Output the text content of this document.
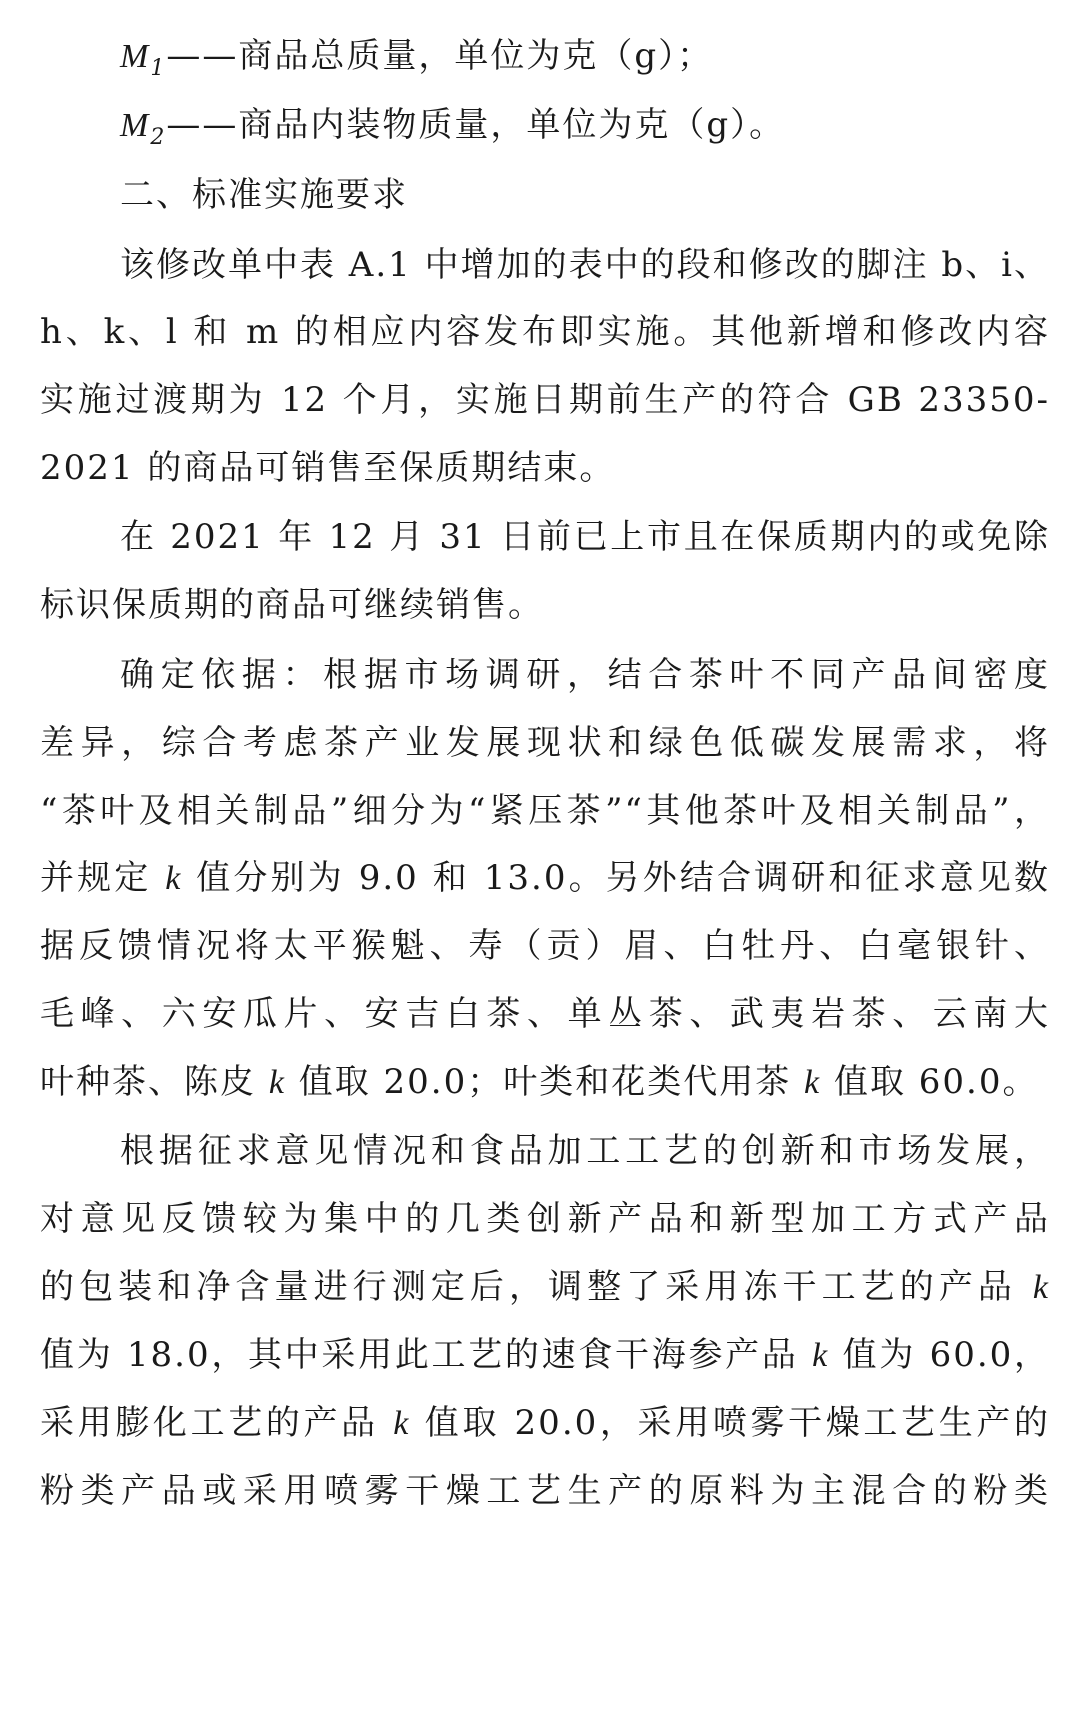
$M_1——$商品总质量，单位为克（g）；
$M_2——$商品内装物质量，单位为克（g）。
二、标准实施要求
该修改单中表 A.1 中增加的表中的段和修改的脚注 b、i、
h、k、l 和 m 的相应内容发布即实施。其他新增和修改内容
实施过渡期为 12 个月，实施日期前生产的符合 GB 23350-
2021 的商品可销售至保质期结束。
在 2021 年 12 月 31 日前已上市且在保质期内的或免除
标识保质期的商品可继续销售。
确定依据：根据市场调研，结合茶叶不同产品间密度
差异，综合考虑茶产业发展现状和绿色低碳发展需求，将
“茶叶及相关制品”细分为“紧压茶”“其他茶叶及相关制品”，
并规定 k 值分别为 9.0 和 13.0。另外结合调研和征求意见数
据反馈情况将太平猴魁、寿（贡）眉、白牡丹、白毫银针、
毛峰、六安瓜片、安吉白茶、单丛茶、武夷岩茶、云南大
叶种茶、陈皮 k 值取 20.0；叶类和花类代用茶 k 值取 60.0。
根据征求意见情况和食品加工工艺的创新和市场发展，
对意见反馈较为集中的几类创新产品和新型加工方式产品
的包装和净含量进行测定后，调整了采用冻干工艺的产品 k
值为 18.0，其中采用此工艺的速食干海参产品 k 值为 60.0，
采用膨化工艺的产品 k 值取 20.0，采用喷雾干燥工艺生产的
粉类产品或采用喷雾干燥工艺生产的原料为主混合的粉类
